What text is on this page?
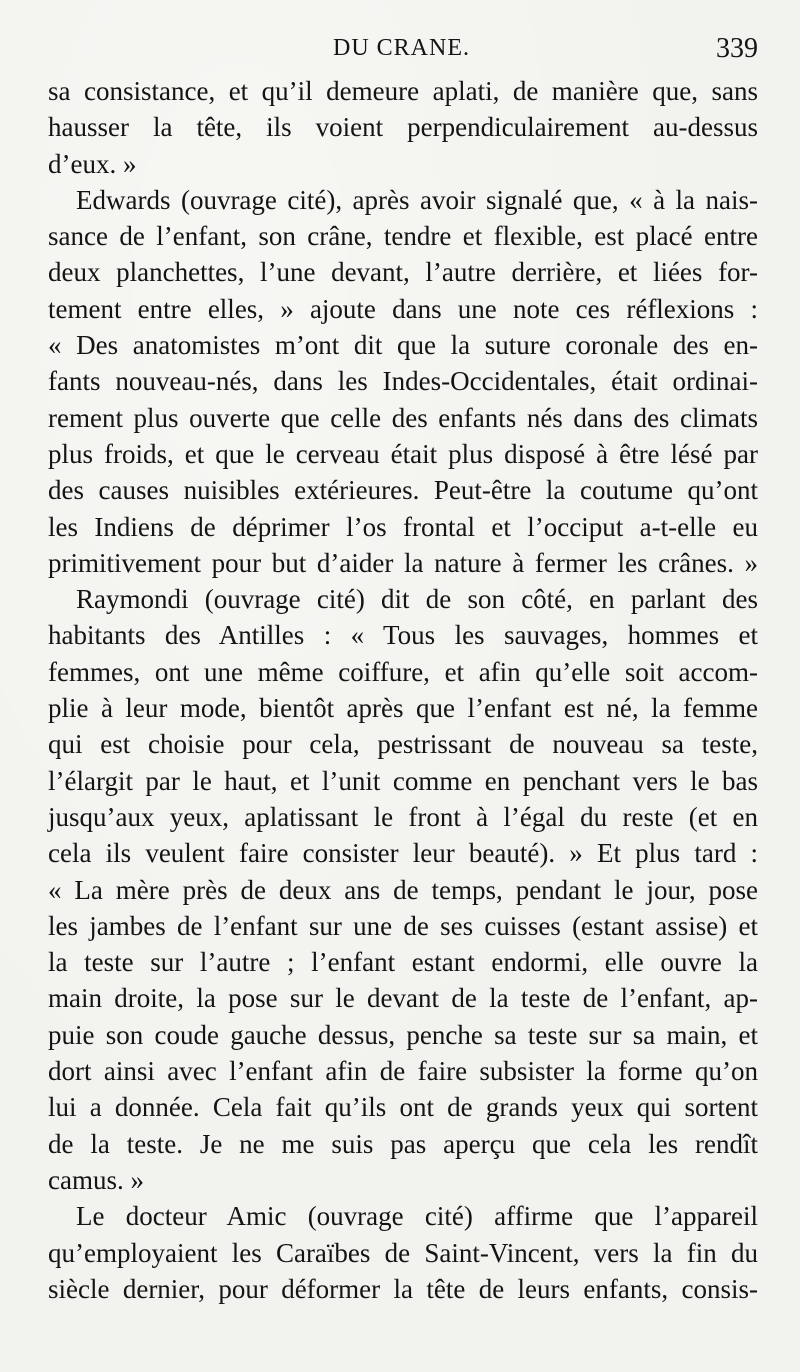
DU CRANE.	339
sa consistance, et qu’il demeure aplati, de manière que, sans
hausser la tête, ils voient perpendiculairement au-dessus
d’eux. »
Edwards (ouvrage cité), après avoir signalé que, « à la nais-
sance de l’enfant, son crâne, tendre et flexible, est placé entre
deux planchettes, l’une devant, l’autre derrière, et liées for-
tement entre elles, » ajoute dans une note ces réflexions :
« Des anatomistes m’ont dit que la suture coronale des en-
fants nouveau-nés, dans les Indes-Occidentales, était ordinai-
rement plus ouverte que celle des enfants nés dans des climats
plus froids, et que le cerveau était plus disposé à être lésé par
des causes nuisibles extérieures. Peut-être la coutume qu’ont
les Indiens de déprimer l’os frontal et l’occiput a-t-elle eu
primitivement pour but d’aider la nature à fermer les crânes. »
Raymondi (ouvrage cité) dit de son côté, en parlant des
habitants des Antilles : « Tous les sauvages, hommes et
femmes, ont une même coiffure, et afin qu’elle soit accom-
plie à leur mode, bientôt après que l’enfant est né, la femme
qui est choisie pour cela, pestrissant de nouveau sa teste,
l’élargit par le haut, et l’unit comme en penchant vers le bas
jusqu’aux yeux, aplatissant le front à l’égal du reste (et en
cela ils veulent faire consister leur beauté). » Et plus tard :
« La mère près de deux ans de temps, pendant le jour, pose
les jambes de l’enfant sur une de ses cuisses (estant assise) et
la teste sur l’autre ; l’enfant estant endormi, elle ouvre la
main droite, la pose sur le devant de la teste de l’enfant, ap-
puie son coude gauche dessus, penche sa teste sur sa main, et
dort ainsi avec l’enfant afin de faire subsister la forme qu’on
lui a donnée. Cela fait qu’ils ont de grands yeux qui sortent
de la teste. Je ne me suis pas aperçu que cela les rendît
camus. »
Le docteur Amic (ouvrage cité) affirme que l’appareil
qu’employaient les Caraïbes de Saint-Vincent, vers la fin du
siècle dernier, pour déformer la tête de leurs enfants, consis-
